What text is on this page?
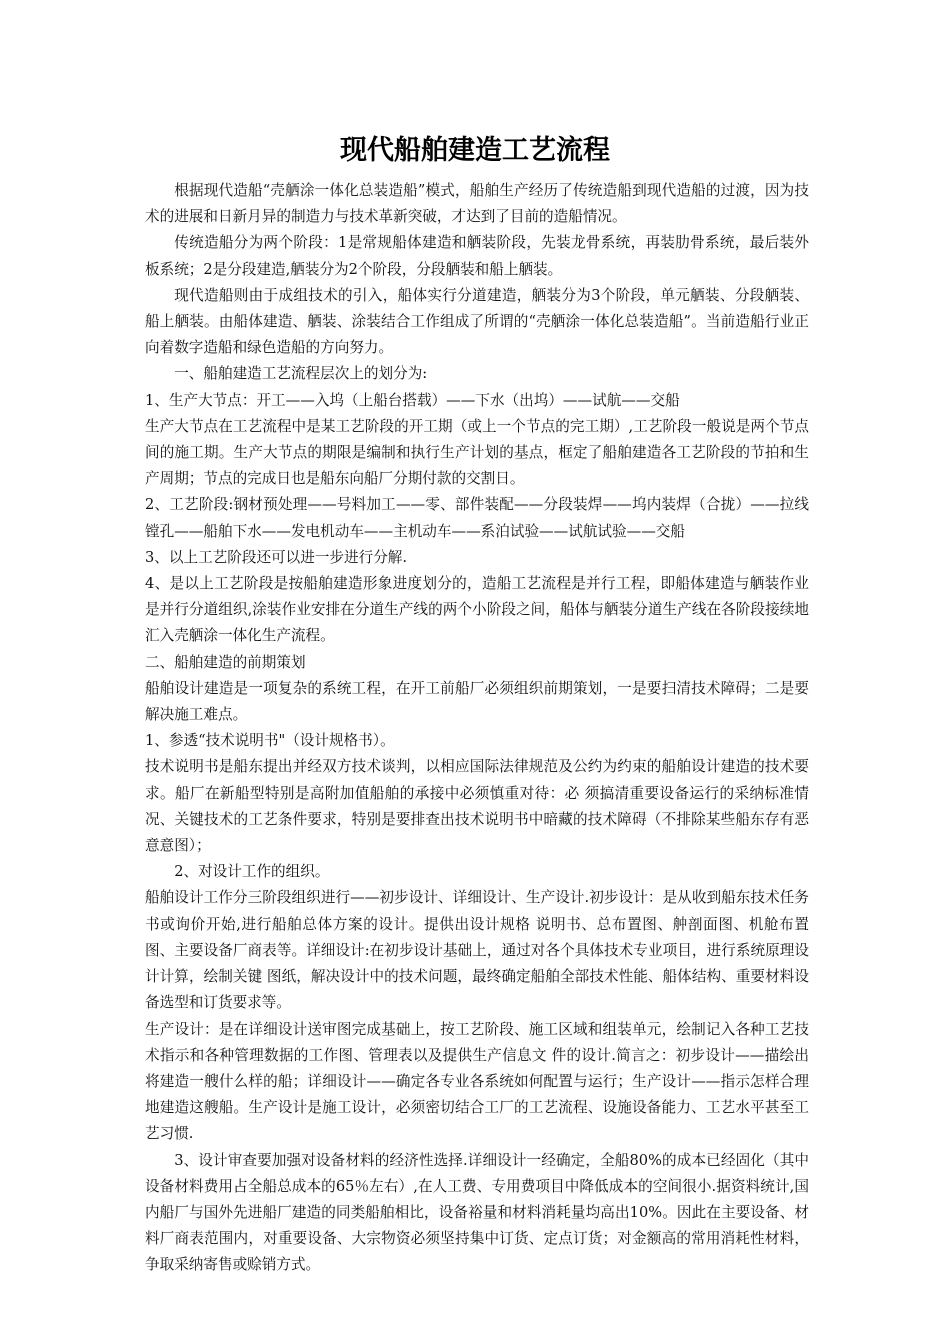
现代船舶建造工艺流程

根据现代造船“壳舾涂一体化总装造船”模式，船舶生产经历了传统造船到现代造船的过渡，因为技术的进展和日新月异的制造力与技术革新突破，才达到了目前的造船情况。

传统造船分为两个阶段：1是常规船体建造和舾装阶段，先装龙骨系统，再装肋骨系统，最后装外板系统；2是分段建造,舾装分为2个阶段，分段舾装和船上舾装。

现代造船则由于成组技术的引入，船体实行分道建造，舾装分为3个阶段，单元舾装、分段舾装、船上舾装。由船体建造、舾装、涂装结合工作组成了所谓的“壳舾涂一体化总装造船”。当前造船行业正向着数字造船和绿色造船的方向努力。

一、船舶建造工艺流程层次上的划分为:

1、生产大节点：开工——入坞（上船台搭载）——下水（出坞）——试航——交船

生产大节点在工艺流程中是某工艺阶段的开工期（或上一个节点的完工期）,工艺阶段一般说是两个节点间的施工期。生产大节点的期限是编制和执行生产计划的基点，框定了船舶建造各工艺阶段的节拍和生产周期；节点的完成日也是船东向船厂分期付款的交割日。

2、工艺阶段:钢材预处理——号料加工——零、部件装配——分段装焊——坞内装焊（合拢）——拉线镗孔——船舶下水——发电机动车——主机动车——系泊试验——试航试验——交船

3、以上工艺阶段还可以进一步进行分解.

4、是以上工艺阶段是按船舶建造形象进度划分的，造船工艺流程是并行工程，即船体建造与舾装作业是并行分道组织,涂装作业安排在分道生产线的两个小阶段之间，船体与舾装分道生产线在各阶段接续地汇入壳舾涂一体化生产流程。

二、船舶建造的前期策划

船舶设计建造是一项复杂的系统工程，在开工前船厂必须组织前期策划，一是要扫清技术障碍；二是要解决施工难点。

1、参透“技术说明书"（设计规格书）。

技术说明书是船东提出并经双方技术谈判，以相应国际法律规范及公约为约束的船舶设计建造的技术要求。船厂在新船型特别是高附加值船舶的承接中必须慎重对待：必 须搞清重要设备运行的采纳标准情况、关键技术的工艺条件要求，特别是要排查出技术说明书中暗藏的技术障碍（不排除某些船东存有恶意意图）；

2、对设计工作的组织。

船舶设计工作分三阶段组织进行——初步设计、详细设计、生产设计.初步设计：是从收到船东技术任务书或询价开始,进行船舶总体方案的设计。提供出设计规格 说明书、总布置图、舯剖面图、机舱布置图、主要设备厂商表等。详细设计:在初步设计基础上，通过对各个具体技术专业项目，进行系统原理设计计算，绘制关键 图纸，解决设计中的技术问题，最终确定船舶全部技术性能、船体结构、重要材料设备选型和订货要求等。

生产设计：是在详细设计送审图完成基础上，按工艺阶段、施工区域和组装单元，绘制记入各种工艺技术指示和各种管理数据的工作图、管理表以及提供生产信息文 件的设计.简言之：初步设计——描绘出将建造一艘什么样的船；详细设计——确定各专业各系统如何配置与运行；生产设计——指示怎样合理地建造这艘船。生产设计是施工设计，必须密切结合工厂的工艺流程、设施设备能力、工艺水平甚至工艺习惯.

3、设计审查要加强对设备材料的经济性选择.详细设计一经确定，全船80%的成本已经固化（其中设备材料费用占全船总成本的65％左右）,在人工费、专用费项目中降低成本的空间很小.据资料统计,国内船厂与国外先进船厂建造的同类船舶相比，设备裕量和材料消耗量均高出10%。因此在主要设备、材料厂商表范围内，对重要设备、大宗物资必须坚持集中订货、定点订货；对金额高的常用消耗性材料，争取采纳寄售或赊销方式。
